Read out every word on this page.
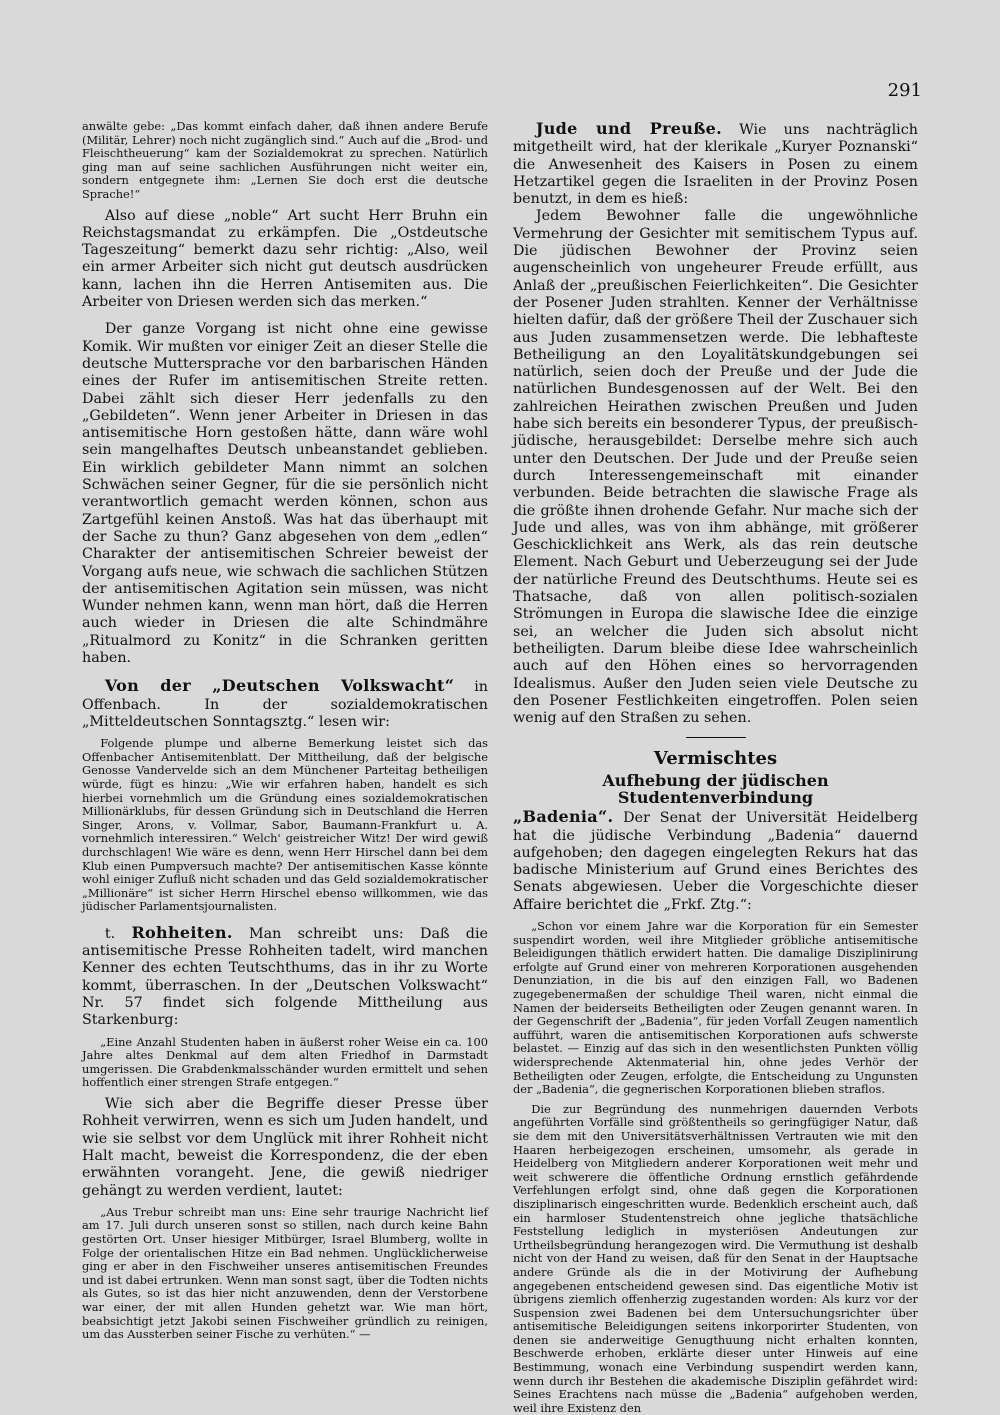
291

anwälte gebe: „Das kommt einfach daher, daß ihnen andere Berufe (Militär, Lehrer) noch nicht zugänglich sind.“ Auch auf die „Brod- und Fleischtheuerung“ kam der Sozialdemokrat zu sprechen. Natürlich ging man auf seine sachlichen Ausführungen nicht weiter ein, sondern entgegnete ihm: „Lernen Sie doch erst die deutsche Sprache!“

Also auf diese „noble“ Art sucht Herr Bruhn ein Reichstagsmandat zu erkämpfen. Die „Ostdeutsche Tageszeitung“ bemerkt dazu sehr richtig: „Also, weil ein armer Arbeiter sich nicht gut deutsch ausdrücken kann, lachen ihn die Herren Antisemiten aus. Die Arbeiter von Driesen werden sich das merken.“

Der ganze Vorgang ist nicht ohne eine gewisse Komik. Wir mußten vor einiger Zeit an dieser Stelle die deutsche Muttersprache vor den barbarischen Händen eines der Rufer im antisemitischen Streite retten. Dabei zählt sich dieser Herr jedenfalls zu den „Gebildeten“. Wenn jener Arbeiter in Driesen in das antisemitische Horn gestoßen hätte, dann wäre wohl sein mangelhaftes Deutsch unbeanstandet geblieben. Ein wirklich gebildeter Mann nimmt an solchen Schwächen seiner Gegner, für die sie persönlich nicht verantwortlich gemacht werden können, schon aus Zartgefühl keinen Anstoß. Was hat das überhaupt mit der Sache zu thun? Ganz abgesehen von dem „edlen“ Charakter der antisemitischen Schreier beweist der Vorgang aufs neue, wie schwach die sachlichen Stützen der antisemitischen Agitation sein müssen, was nicht Wunder nehmen kann, wenn man hört, daß die Herren auch wieder in Driesen die alte Schindmähre „Ritualmord zu Konitz“ in die Schranken geritten haben.

Von der „Deutschen Volkswacht“ in Offenbach. In der sozialdemokratischen „Mitteldeutschen Sonntagsztg.“ lesen wir:

Folgende plumpe und alberne Bemerkung leistet sich das Offenbacher Antisemitenblatt. Der Mittheilung, daß der belgische Genosse Vandervelde sich an dem Münchener Parteitag betheiligen würde, fügt es hinzu: „Wie wir erfahren haben, handelt es sich hierbei vornehmlich um die Gründung eines sozialdemokratischen Millionärklubs, für dessen Gründung sich in Deutschland die Herren Singer, Arons, v. Vollmar, Sabor, Baumann-Frankfurt u. A. vornehmlich interessiren.“ Welch' geistreicher Witz! Der wird gewiß durchschlagen! Wie wäre es denn, wenn Herr Hirschel dann bei dem Klub einen Pumpversuch machte? Der antisemitischen Kasse könnte wohl einiger Zufluß nicht schaden und das Geld sozialdemokratischer „Millionäre“ ist sicher Herrn Hirschel ebenso willkommen, wie das jüdischer Parlamentsjournalisten.

t. Rohheiten. Man schreibt uns: Daß die antisemitische Presse Rohheiten tadelt, wird manchen Kenner des echten Teutschthums, das in ihr zu Worte kommt, überraschen. In der „Deutschen Volkswacht“ Nr. 57 findet sich folgende Mittheilung aus Starkenburg:

„Eine Anzahl Studenten haben in äußerst roher Weise ein ca. 100 Jahre altes Denkmal auf dem alten Friedhof in Darmstadt umgerissen. Die Grabdenkmalsschänder wurden ermittelt und sehen hoffentlich einer strengen Strafe entgegen.“

Wie sich aber die Begriffe dieser Presse über Rohheit verwirren, wenn es sich um Juden handelt, und wie sie selbst vor dem Unglück mit ihrer Rohheit nicht Halt macht, beweist die Korrespondenz, die der eben erwähnten vorangeht. Jene, die gewiß niedriger gehängt zu werden verdient, lautet:

„Aus Trebur schreibt man uns: Eine sehr traurige Nachricht lief am 17. Juli durch unseren sonst so stillen, nach durch keine Bahn gestörten Ort. Unser hiesiger Mitbürger, Israel Blumberg, wollte in Folge der orientalischen Hitze ein Bad nehmen. Unglücklicherweise ging er aber in den Fischweiher unseres antisemitischen Freundes und ist dabei ertrunken. Wenn man sonst sagt, über die Todten nichts als Gutes, so ist das hier nicht anzuwenden, denn der Verstorbene war einer, der mit allen Hunden gehetzt war. Wie man hört, beabsichtigt jetzt Jakobi seinen Fischweiher gründlich zu reinigen, um das Aussterben seiner Fische zu verhüten.“ —

Jude und Preuße. Wie uns nachträglich mitgetheilt wird, hat der klerikale „Kuryer Poznanski“ die Anwesenheit des Kaisers in Posen zu einem Hetzartikel gegen die Israeliten in der Provinz Posen benutzt, in dem es hieß:

Jedem Bewohner falle die ungewöhnliche Vermehrung der Gesichter mit semitischem Typus auf. Die jüdischen Bewohner der Provinz seien augenscheinlich von ungeheurer Freude erfüllt, aus Anlaß der „preußischen Feierlichkeiten“. Die Gesichter der Posener Juden strahlten. Kenner der Verhältnisse hielten dafür, daß der größere Theil der Zuschauer sich aus Juden zusammensetzen werde. Die lebhafteste Betheiligung an den Loyalitätskundgebungen sei natürlich, seien doch der Preuße und der Jude die natürlichen Bundesgenossen auf der Welt. Bei den zahlreichen Heirathen zwischen Preußen und Juden habe sich bereits ein besonderer Typus, der preußisch-jüdische, herausgebildet: Derselbe mehre sich auch unter den Deutschen. Der Jude und der Preuße seien durch Interessengemeinschaft mit einander verbunden. Beide betrachten die slawische Frage als die größte ihnen drohende Gefahr. Nur mache sich der Jude und alles, was von ihm abhänge, mit größerer Geschicklichkeit ans Werk, als das rein deutsche Element. Nach Geburt und Ueberzeugung sei der Jude der natürliche Freund des Deutschthums. Heute sei es Thatsache, daß von allen politisch-sozialen Strömungen in Europa die slawische Idee die einzige sei, an welcher die Juden sich absolut nicht betheiligten. Darum bleibe diese Idee wahrscheinlich auch auf den Höhen eines so hervorragenden Idealismus. Außer den Juden seien viele Deutsche zu den Posener Festlichkeiten eingetroffen. Polen seien wenig auf den Straßen zu sehen.

Vermischtes
Aufhebung der jüdischen Studentenverbindung

„Badenia“. Der Senat der Universität Heidelberg hat die jüdische Verbindung „Badenia“ dauernd aufgehoben; den dagegen eingelegten Rekurs hat das badische Ministerium auf Grund eines Berichtes des Senats abgewiesen. Ueber die Vorgeschichte dieser Affaire berichtet die „Frkf. Ztg.“:

„Schon vor einem Jahre war die Korporation für ein Semester suspendirt worden, weil ihre Mitglieder gröbliche antisemitische Beleidigungen thätlich erwidert hatten. Die damalige Disziplinirung erfolgte auf Grund einer von mehreren Korporationen ausgehenden Denunziation, in die bis auf den einzigen Fall, wo Badenen zugegebenermaßen der schuldige Theil waren, nicht einmal die Namen der beiderseits Betheiligten oder Zeugen genannt waren. In der Gegenschrift der „Badenia“, für jeden Vorfall Zeugen namentlich aufführt, waren die antisemitischen Korporationen aufs schwerste belastet. — Einzig auf das sich in den wesentlichsten Punkten völlig widersprechende Aktenmaterial hin, ohne jedes Verhör der Betheiligten oder Zeugen, erfolgte, die Entscheidung zu Ungunsten der „Badenia“, die gegnerischen Korporationen blieben straflos.

Die zur Begründung des nunmehrigen dauernden Verbots angeführten Vorfälle sind größtentheils so geringfügiger Natur, daß sie dem mit den Universitätsverhältnissen Vertrauten wie mit den Haaren herbeigezogen erscheinen, umsomehr, als gerade in Heidelberg von Mitgliedern anderer Korporationen weit mehr und weit schwerere die öffentliche Ordnung ernstlich gefährdende Verfehlungen erfolgt sind, ohne daß gegen die Korporationen disziplinarisch eingeschritten wurde. Bedenklich erscheint auch, daß ein harmloser Studentenstreich ohne jegliche thatsächliche Feststellung lediglich in mysteriösen Andeutungen zur Urtheilsbegründung herangezogen wird. Die Vermuthung ist deshalb nicht von der Hand zu weisen, daß für den Senat in der Hauptsache andere Gründe als die in der Motivirung der Aufhebung angegebenen entscheidend gewesen sind. Das eigentliche Motiv ist übrigens ziemlich offenherzig zugestanden worden: Als kurz vor der Suspension zwei Badenen bei dem Untersuchungsrichter über antisemitische Beleidigungen seitens inkorporirter Studenten, von denen sie anderweitige Genugthuung nicht erhalten konnten, Beschwerde erhoben, erklärte dieser unter Hinweis auf eine Bestimmung, wonach eine Verbindung suspendirt werden kann, wenn durch ihr Bestehen die akademische Disziplin gefährdet wird: Seines Erachtens nach müsse die „Badenia“ aufgehoben werden, weil ihre Existenz den
